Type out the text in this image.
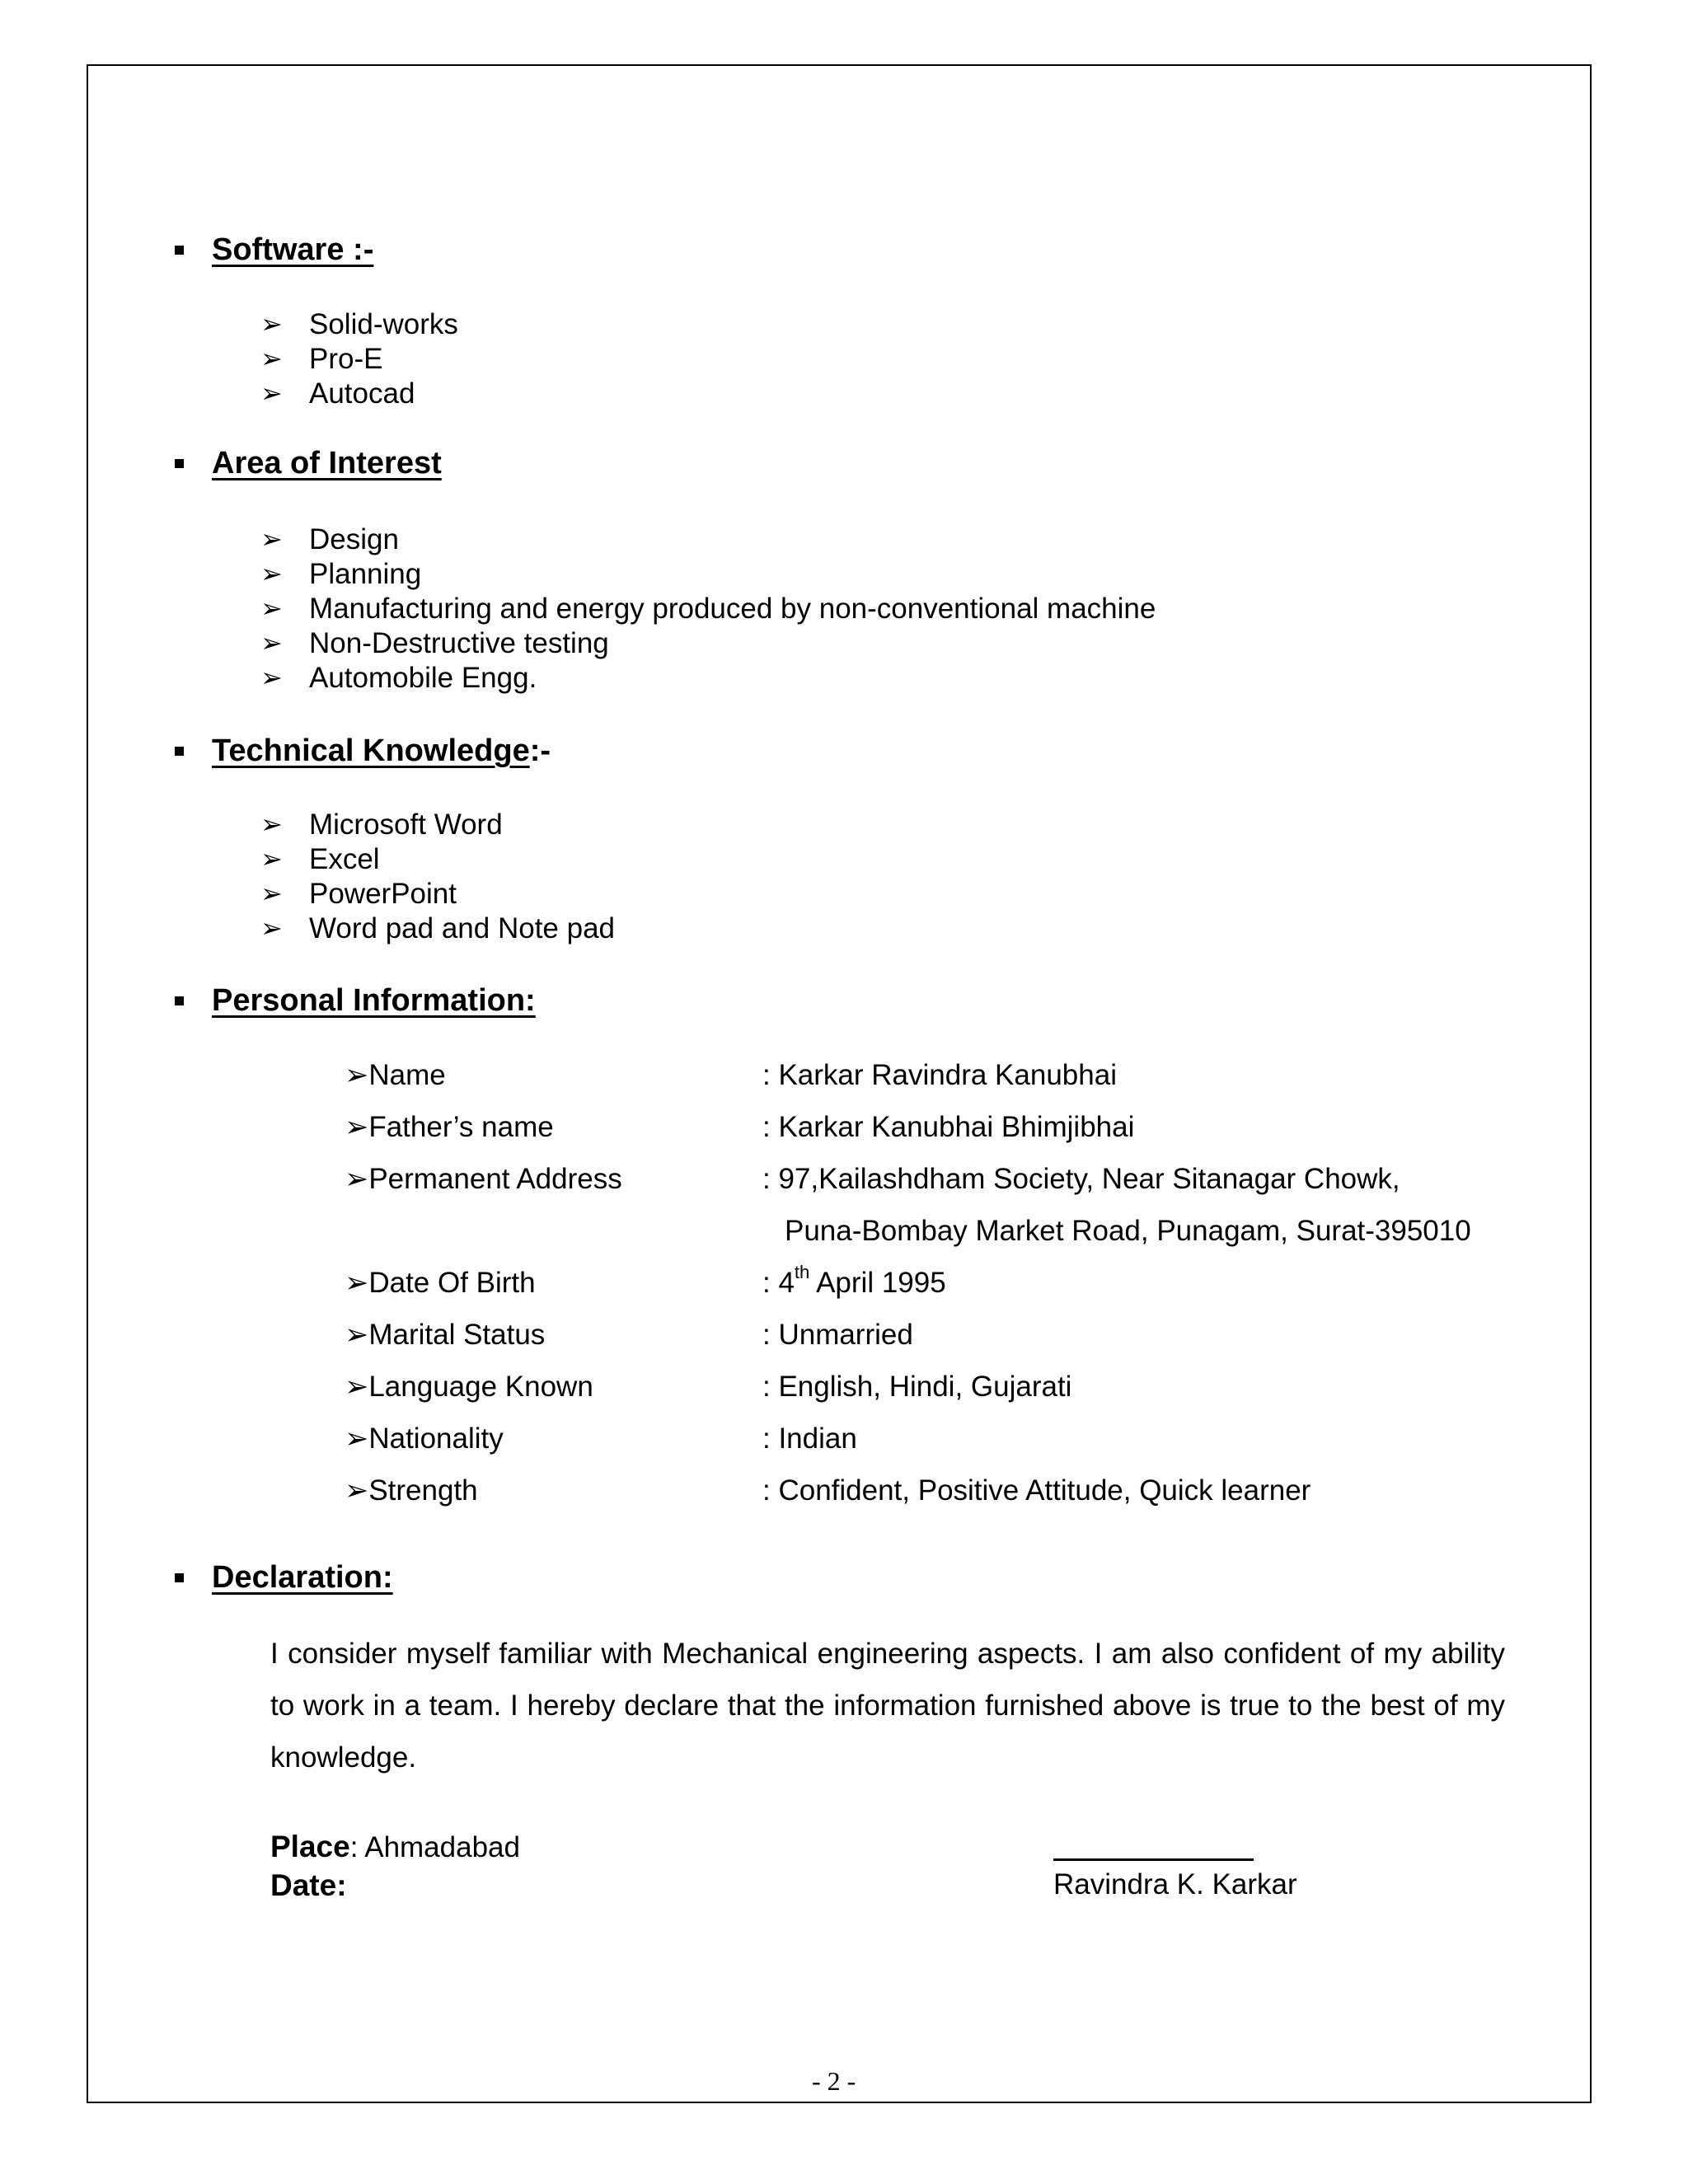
Software :-
➢ Solid-works
➢ Pro-E
➢ Autocad
Area of Interest
➢ Design
➢ Planning
➢ Manufacturing and energy produced by non-conventional machine
➢ Non-Destructive testing
➢ Automobile Engg.
Technical Knowledge:-
➢ Microsoft Word
➢ Excel
➢ PowerPoint
➢ Word pad and Note pad
Personal Information:
➢Name	: Karkar Ravindra Kanubhai
➢Father’s name	: Karkar Kanubhai Bhimjibhai
➢Permanent Address	: 97,Kailashdham Society, Near Sitanagar Chowk,
Puna-Bombay Market Road, Punagam, Surat-395010
➢Date Of Birth	: 4th April 1995
➢Marital Status	: Unmarried
➢Language Known	: English, Hindi, Gujarati
➢Nationality	: Indian
➢Strength	: Confident, Positive Attitude, Quick learner
Declaration:

I consider myself familiar with Mechanical engineering aspects. I am also confident of my ability to work in a team. I hereby declare that the information furnished above is true to the best of my knowledge.

Place: Ahmadabad
Date:	Ravindra K. Karkar
- 2 -
